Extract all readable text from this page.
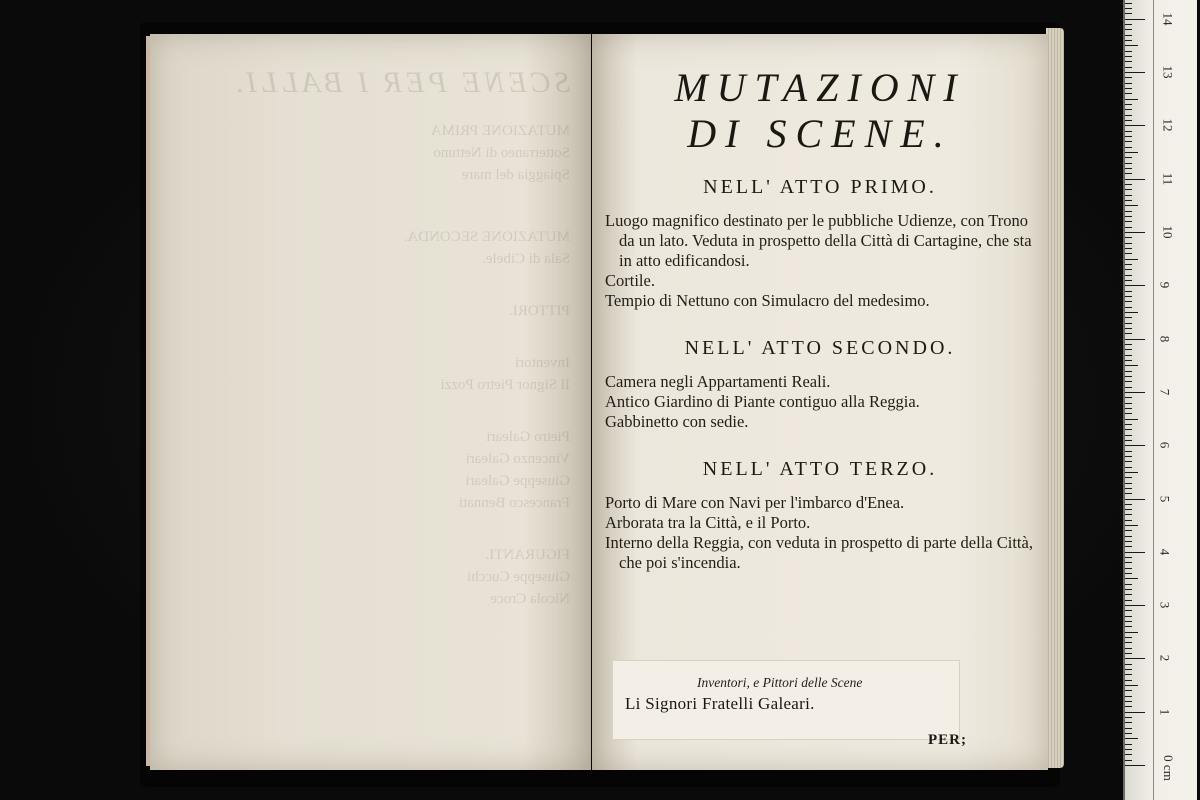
SCENE PER I BALLI.
MUTAZIONE PRIMA
Sotterraneo di Nettuno
Spiaggia del mare
MUTAZIONE SECONDA.
Sala di Cibele.
PITTORI.
Inventori
Il Signor Pietro Pozzi
Pietro Galeari
Vincenzo Galeari
Giuseppe Galeari
Francesco Bennati
FIGURANTI.
Giuseppe Cucchi
Nicola Croce
MUTAZIONI
DI SCENE.
NELL' ATTO PRIMO.

Luogo magnifico destinato per le pubbliche Udienze, con Trono da un lato. Veduta in prospetto della Città di Cartagine, che sta in atto edificandosi.

Cortile.

Tempio di Nettuno con Simulacro del medesimo.

NELL' ATTO SECONDO.

Camera negli Appartamenti Reali.

Antico Giardino di Piante contiguo alla Reggia.

Gabbinetto con sedie.

NELL' ATTO TERZO.

Porto di Mare con Navi per l'imbarco d'Enea.

Arborata tra la Città, e il Porto.

Interno della Reggia, con veduta in prospetto di parte della Città, che poi s'incendia.

Inventori, e Pittori delle Scene
Li Signori Fratelli Galeari.
PER;
0 cm
1
2
3
4
5
6
7
8
9
10
11
12
13
14
